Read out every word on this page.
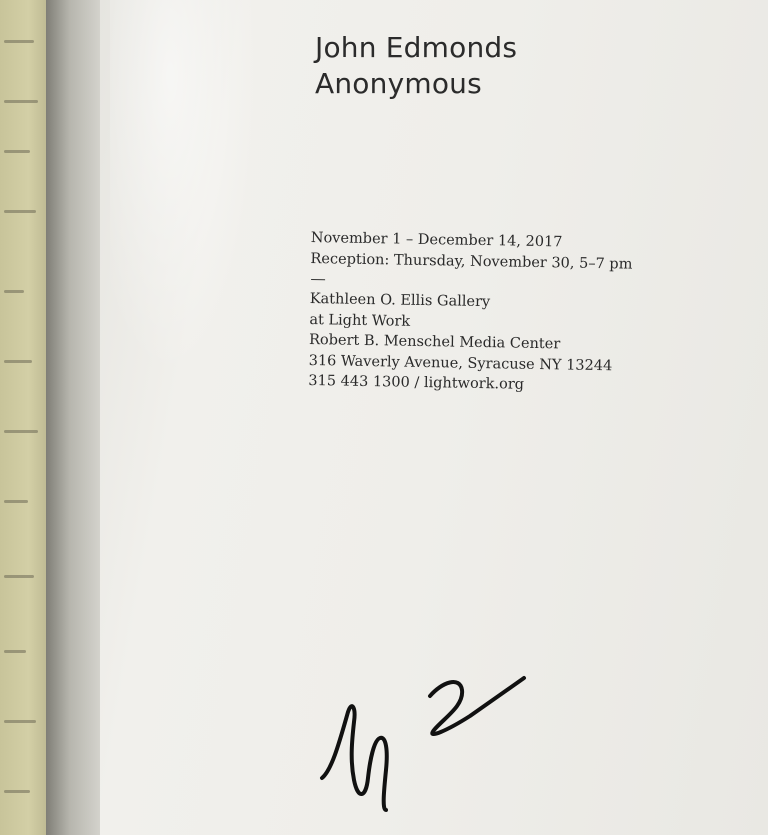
John Edmonds
Anonymous
November 1 – December 14, 2017
Reception: Thursday, November 30, 5–7 pm
Kathleen O. Ellis Gallery
at Light Work
Robert B. Menschel Media Center
316 Waverly Avenue, Syracuse NY 13244
315 443 1300 / lightwork.org
